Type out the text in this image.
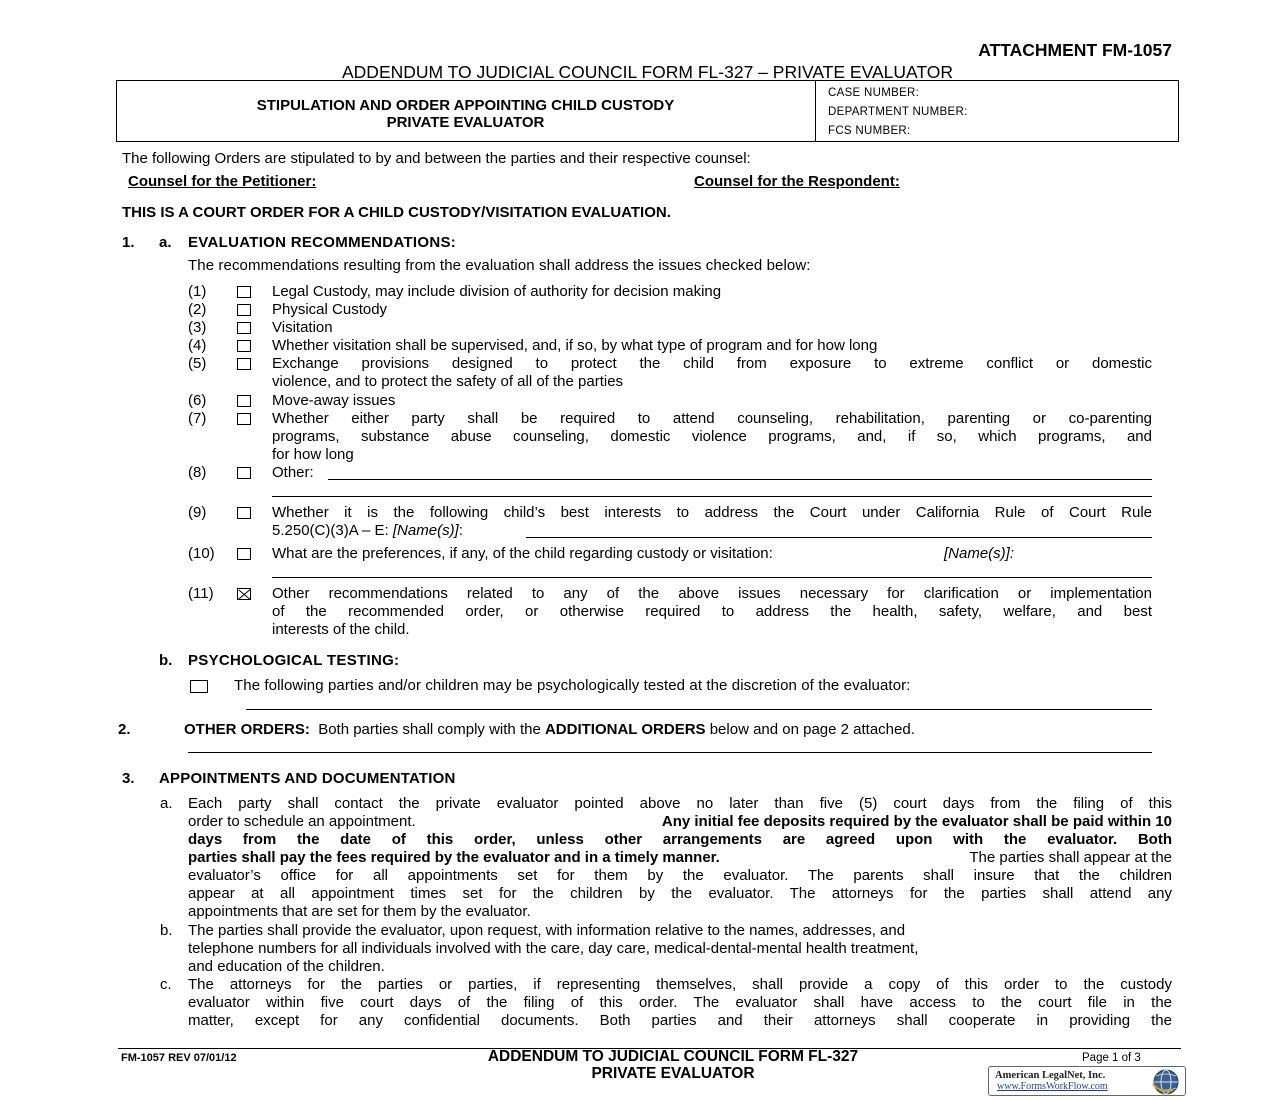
ATTACHMENT FM-1057
ADDENDUM TO JUDICIAL COUNCIL FORM FL-327 – PRIVATE EVALUATOR
STIPULATION AND ORDER APPOINTING CHILD CUSTODY
PRIVATE EVALUATOR
CASE NUMBER:
DEPARTMENT NUMBER:
FCS NUMBER:
The following Orders are stipulated to by and between the parties and their respective counsel:
Counsel for the Petitioner:	Counsel for the Respondent:
THIS IS A COURT ORDER FOR A CHILD CUSTODY/VISITATION EVALUATION.
1. a. EVALUATION RECOMMENDATIONS:
The recommendations resulting from the evaluation shall address the issues checked below:
(1)	Legal Custody, may include division of authority for decision making
(2)	Physical Custody
(3)	Visitation
(4)	Whether visitation shall be supervised, and, if so, by what type of program and for how long
(5)	Exchange provisions designed to protect the child from exposure to extreme conflict or domestic
violence, and to protect the safety of all of the parties
(6)	Move-away issues
(7)	Whether either party shall be required to attend counseling, rehabilitation, parenting or co-parenting
programs, substance abuse counseling, domestic violence programs, and, if so, which programs, and
for how long
(8)	Other:
(9)	Whether it is the following child’s best interests to address the Court under California Rule of Court Rule
5.250(C)(3)A – E: [Name(s)]:
(10)	What are the preferences, if any, of the child regarding custody or visitation:	[Name(s)]:
(11)	Other recommendations related to any of the above issues necessary for clarification or implementation
of the recommended order, or otherwise required to address the health, safety, welfare, and best
interests of the child.
b. PSYCHOLOGICAL TESTING:
The following parties and/or children may be psychologically tested at the discretion of the evaluator:
2.	OTHER ORDERS: Both parties shall comply with the ADDITIONAL ORDERS below and on page 2 attached.
3. APPOINTMENTS AND DOCUMENTATION
a. Each party shall contact the private evaluator pointed above no later than five (5) court days from the filing of this
order to schedule an appointment.	Any initial fee deposits required by the evaluator shall be paid within 10
days from the date of this order, unless other arrangements are agreed upon with the evaluator. Both
parties shall pay the fees required by the evaluator and in a timely manner.	The parties shall appear at the
evaluator’s office for all appointments set for them by the evaluator. The parents shall insure that the children
appear at all appointment times set for the children by the evaluator. The attorneys for the parties shall attend any
appointments that are set for them by the evaluator.
b. The parties shall provide the evaluator, upon request, with information relative to the names, addresses, and
telephone numbers for all individuals involved with the care, day care, medical-dental-mental health treatment,
and education of the children.
c. The attorneys for the parties or parties, if representing themselves, shall provide a copy of this order to the custody
evaluator within five court days of the filing of this order. The evaluator shall have access to the court file in the
matter, except for any confidential documents. Both parties and their attorneys shall cooperate in providing the
FM-1057 REV 07/01/12	ADDENDUM TO JUDICIAL COUNCIL FORM FL-327
PRIVATE EVALUATOR
Page 1 of 3
American LegalNet, Inc.
www.FormsWorkFlow.com
